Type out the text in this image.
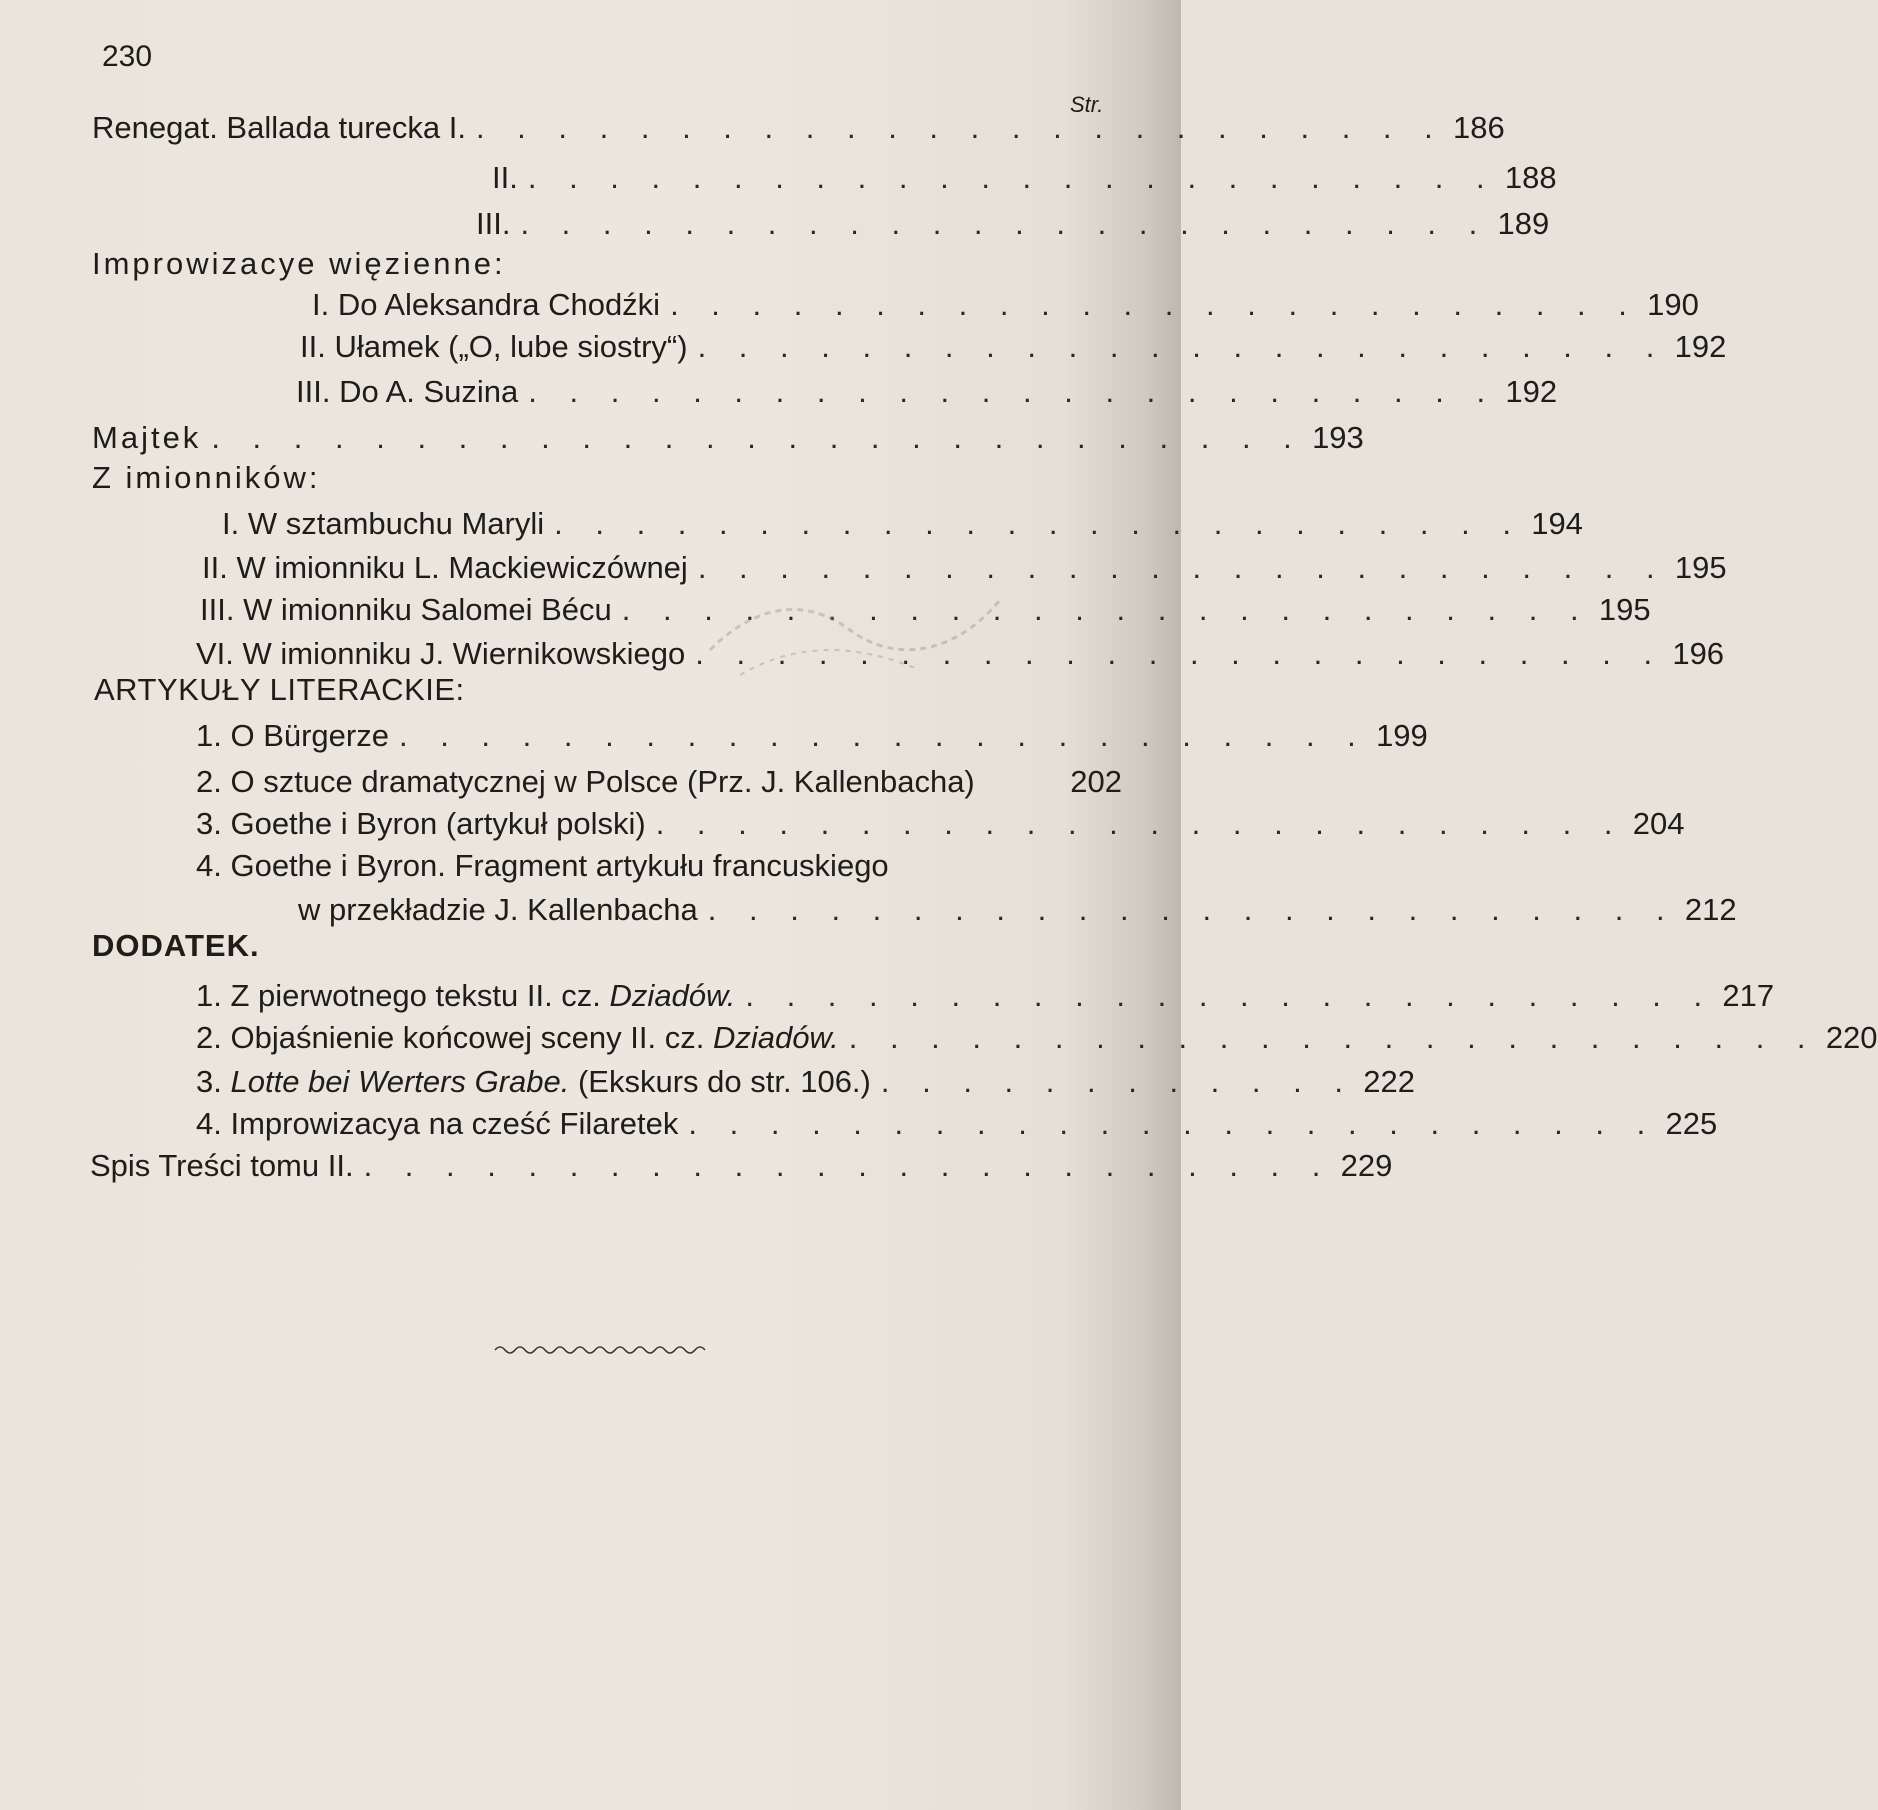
230
Str.
Renegat. Ballada turecka I. . . . . . . . . . . . . . . . . . . . . . . . . 186
II. . . . . . . . . . . . . . . . . . . . . . . . . 188
III. . . . . . . . . . . . . . . . . . . . . . . . . 189
Improwizacye więzienne:
I. Do Aleksandra Chodźki . . . . . . . . . . . . . . . . . . . . . . . . 190
II. Ułamek („O, lube siostry“) . . . . . . . . . . . . . . . . . . . . . . . . 192
III. Do A. Suzina . . . . . . . . . . . . . . . . . . . . . . . . 192
Majtek . . . . . . . . . . . . . . . . . . . . . . . . . . . 193
Z imionników:
I. W sztambuchu Maryli . . . . . . . . . . . . . . . . . . . . . . . . 194
II. W imionniku L. Mackiewiczównej . . . . . . . . . . . . . . . . . . . . . . . . 195
III. W imionniku Salomei Bécu . . . . . . . . . . . . . . . . . . . . . . . . 195
VI. W imionniku J. Wiernikowskiego . . . . . . . . . . . . . . . . . . . . . . . . 196
ARTYKUŁY LITERACKIE:
1. O Bürgerze . . . . . . . . . . . . . . . . . . . . . . . . 199
2. O sztuce dramatycznej w Polsce (Prz. J. Kallenbacha)	202
3. Goethe i Byron (artykuł polski) . . . . . . . . . . . . . . . . . . . . . . . . 204
4. Goethe i Byron. Fragment artykułu francuskiego
w przekładzie J. Kallenbacha . . . . . . . . . . . . . . . . . . . . . . . . 212
DODATEK.
1. Z pierwotnego tekstu II. cz. Dziadów. . . . . . . . . . . . . . . . . . . . . . . . . 217
2. Objaśnienie końcowej sceny II. cz. Dziadów. . . . . . . . . . . . . . . . . . . . . . . . . 220
3. Lotte bei Werters Grabe. (Ekskurs do str. 106.) . . . . . . . . . . . . 222
4. Improwizacya na cześć Filaretek . . . . . . . . . . . . . . . . . . . . . . . . 225
Spis Treści tomu II. . . . . . . . . . . . . . . . . . . . . . . . . 229
